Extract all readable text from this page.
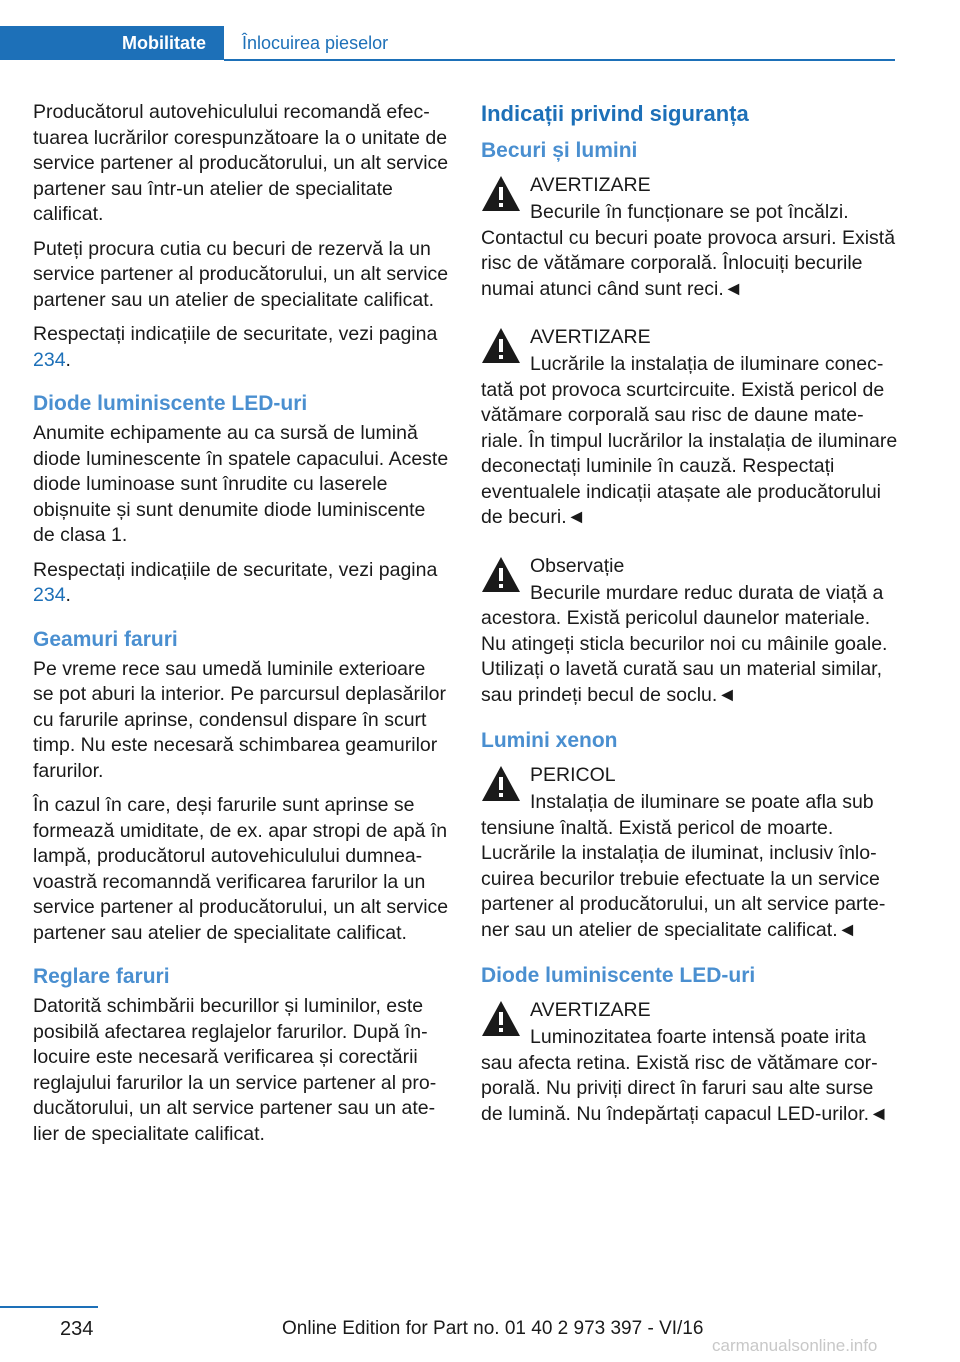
Mobilitate	Înlocuirea pieselor

Producătorul autovehiculului recomandă efectuarea lucrărilor corespunzătoare la o unitate de service partener al producătorului, un alt service partener sau într-un atelier de specialitate calificat.

Puteți procura cutia cu becuri de rezervă la un service partener al producătorului, un alt service partener sau un atelier de specialitate calificat.

Respectați indicațiile de securitate, vezi pagina 234.

Diode luminiscente LED-uri

Anumite echipamente au ca sursă de lumină diode luminescente în spatele capacului. Aceste diode luminoase sunt înrudite cu laserele obișnuite și sunt denumite diode luminiscente de clasa 1.

Respectați indicațiile de securitate, vezi pagina 234.

Geamuri faruri

Pe vreme rece sau umedă luminile exterioare se pot aburi la interior. Pe parcursul deplasărilor cu farurile aprinse, condensul dispare în scurt timp. Nu este necesară schimbarea geamurilor farurilor.

În cazul în care, deși farurile sunt aprinse se formează umiditate, de ex. apar stropi de apă în lampă, producătorul autovehiculului dumneavoastră recomanndă verificarea farurilor la un service partener al producătorului, un alt service partener sau atelier de specialitate calificat.

Reglare faruri

Datorită schimbării becurillor și luminilor, este posibilă afectarea reglajelor farurilor. După înlocuire este necesară verificarea și corectării reglajului farurilor la un service partener al producătorului, un alt service partener sau un atelier de specialitate calificat.

Indicații privind siguranța
Becuri și lumini
AVERTIZARE

Becurile în funcționare se pot încălzi. Contactul cu becuri poate provoca arsuri. Există risc de vătămare corporală. Înlocuiți becurile numai atunci când sunt reci.◄

AVERTIZARE

Lucrările la instalația de iluminare conectată pot provoca scurtcircuite. Există pericol de vătămare corporală sau risc de daune materiale. În timpul lucrărilor la instalația de iluminare deconectați luminile în cauză. Respectați eventualele indicații atașate ale producătorului de becuri.◄

Observație

Becurile murdare reduc durata de viață a acestora. Există pericolul daunelor materiale. Nu atingeți sticla becurilor noi cu mâinile goale. Utilizați o lavetă curată sau un material similar, sau prindeți becul de soclu.◄

Lumini xenon
PERICOL

Instalația de iluminare se poate afla sub tensiune înaltă. Există pericol de moarte. Lucrările la instalația de iluminat, inclusiv înlocuirea becurilor trebuie efectuate la un service partener al producătorului, un alt service partener sau un atelier de specialitate calificat.◄

Diode luminiscente LED-uri
AVERTIZARE

Luminozitatea foarte intensă poate irita sau afecta retina. Există risc de vătămare corporală. Nu priviți direct în faruri sau alte surse de lumină. Nu îndepărtați capacul LED-urilor.◄

234	Online Edition for Part no. 01 40 2 973 397 - VI/16
carmanualsonline.info
